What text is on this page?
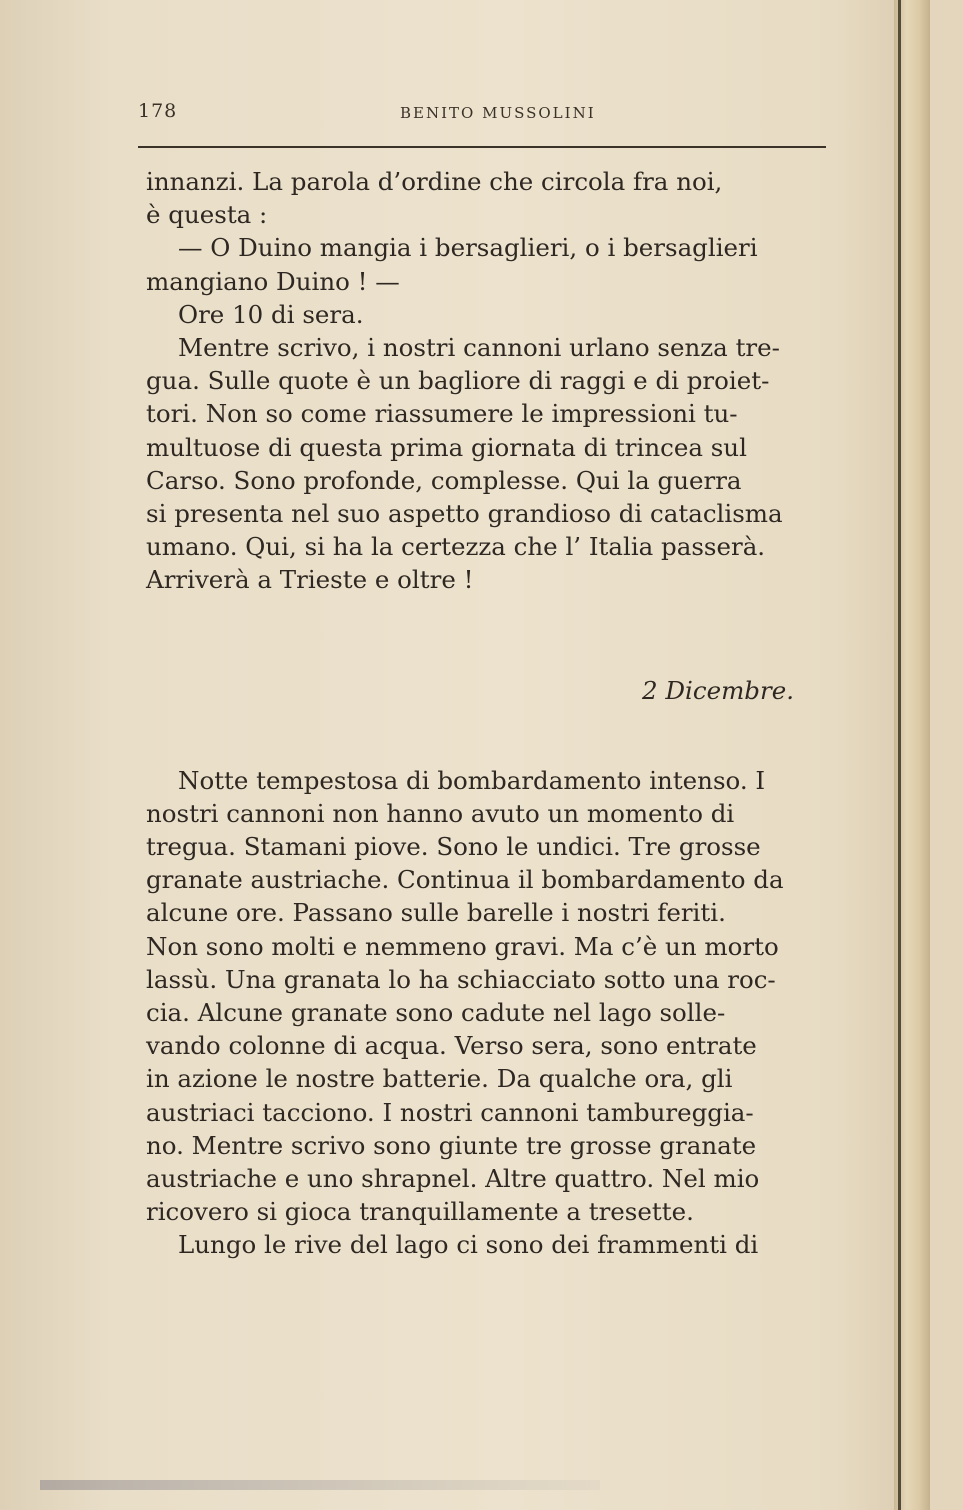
178	BENITO MUSSOLINI
innanzi. La parola d’ordine che circola fra noi,
è questa :
— O Duino mangia i bersaglieri, o i bersaglieri
mangiano Duino ! —
Ore 10 di sera.
Mentre scrivo, i nostri cannoni urlano senza tre-
gua. Sulle quote è un bagliore di raggi e di proiet-
tori. Non so come riassumere le impressioni tu-
multuose di questa prima giornata di trincea sul
Carso. Sono profonde, complesse. Qui la guerra
si presenta nel suo aspetto grandioso di cataclisma
umano. Qui, si ha la certezza che l’ Italia passerà.
Arriverà a Trieste e oltre !
2 Dicembre.
Notte tempestosa di bombardamento intenso. I
nostri cannoni non hanno avuto un momento di
tregua. Stamani piove. Sono le undici. Tre grosse
granate austriache. Continua il bombardamento da
alcune ore. Passano sulle barelle i nostri feriti.
Non sono molti e nemmeno gravi. Ma c’è un morto
lassù. Una granata lo ha schiacciato sotto una roc-
cia. Alcune granate sono cadute nel lago solle-
vando colonne di acqua. Verso sera, sono entrate
in azione le nostre batterie. Da qualche ora, gli
austriaci tacciono. I nostri cannoni tambureggia-
no. Mentre scrivo sono giunte tre grosse granate
austriache e uno shrapnel. Altre quattro. Nel mio
ricovero si gioca tranquillamente a tresette.
Lungo le rive del lago ci sono dei frammenti di
